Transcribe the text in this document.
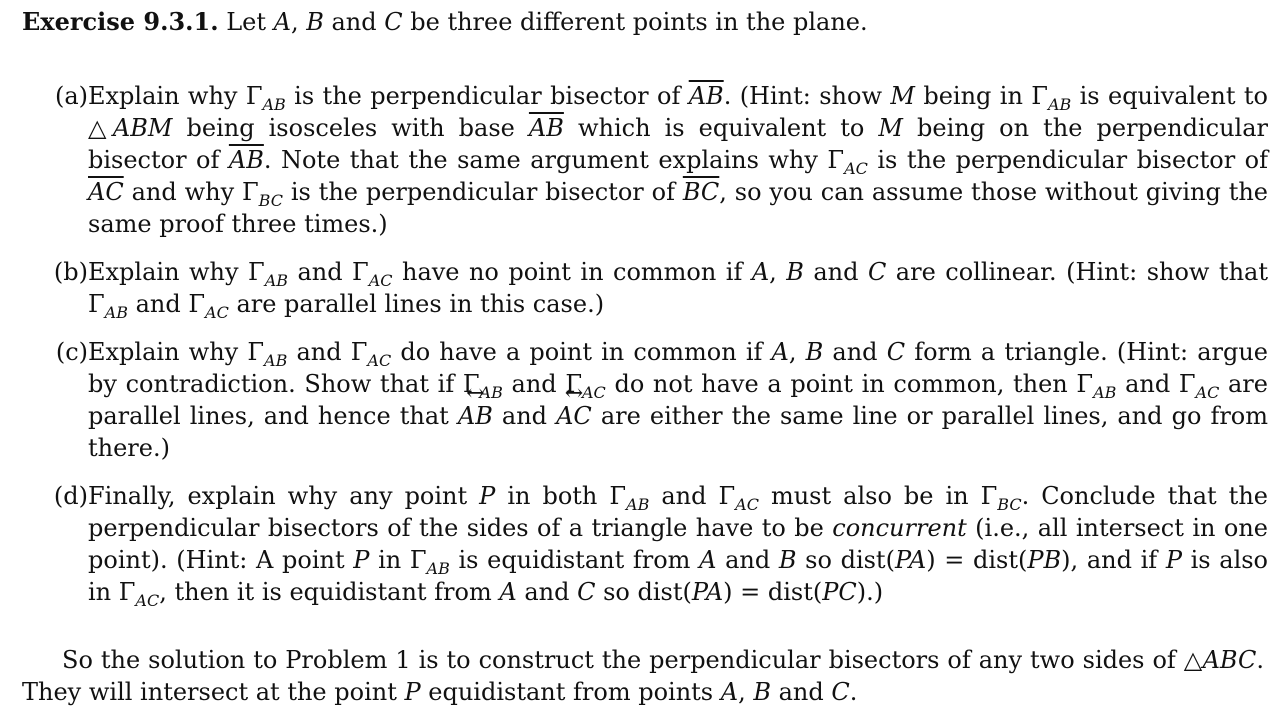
Exercise 9.3.1. Let A, B and C be three different points in the plane.

(a) Explain why $\Gamma_{AB}$ is the perpendicular bisector of $\overline{AB}$. (Hint: show M being in $\Gamma_{AB}$ is equivalent to △ABM being isosceles with base $\overline{AB}$ which is equivalent to M being on the perpendicular bisector of $\overline{AB}$. Note that the same argument explains why $\Gamma_{AC}$ is the perpendicular bisector of $\overline{AC}$ and why $\Gamma_{BC}$ is the perpendicular bisector of $\overline{BC}$, so you can assume those without giving the same proof three times.)
(b) Explain why $\Gamma_{AB}$ and $\Gamma_{AC}$ have no point in common if A, B and C are collinear. (Hint: show that $\Gamma_{AB}$ and $\Gamma_{AC}$ are parallel lines in this case.)
(c) Explain why $\Gamma_{AB}$ and $\Gamma_{AC}$ do have a point in common if A, B and C form a triangle. (Hint: argue by contradiction. Show that if $\Gamma_{AB}$ and $\Gamma_{AC}$ do not have a point in common, then $\Gamma_{AB}$ and $\Gamma_{AC}$ are parallel lines, and hence that ↔ AB and ↔ AC are either the same line or parallel lines, and go from there.)
(d) Finally, explain why any point P in both $\Gamma_{AB}$ and $\Gamma_{AC}$ must also be in $\Gamma_{BC}$. Conclude that the perpendicular bisectors of the sides of a triangle have to be concurrent (i.e., all intersect in one point). (Hint: A point P in $\Gamma_{AB}$ is equidistant from A and B so dist(PA) = dist(PB), and if P is also in $\Gamma_{AC}$, then it is equidistant from A and C so dist(PA) = dist(PC).)

So the solution to Problem 1 is to construct the perpendicular bisectors of any two sides of △ABC. They will intersect at the point P equidistant from points A, B and C.
